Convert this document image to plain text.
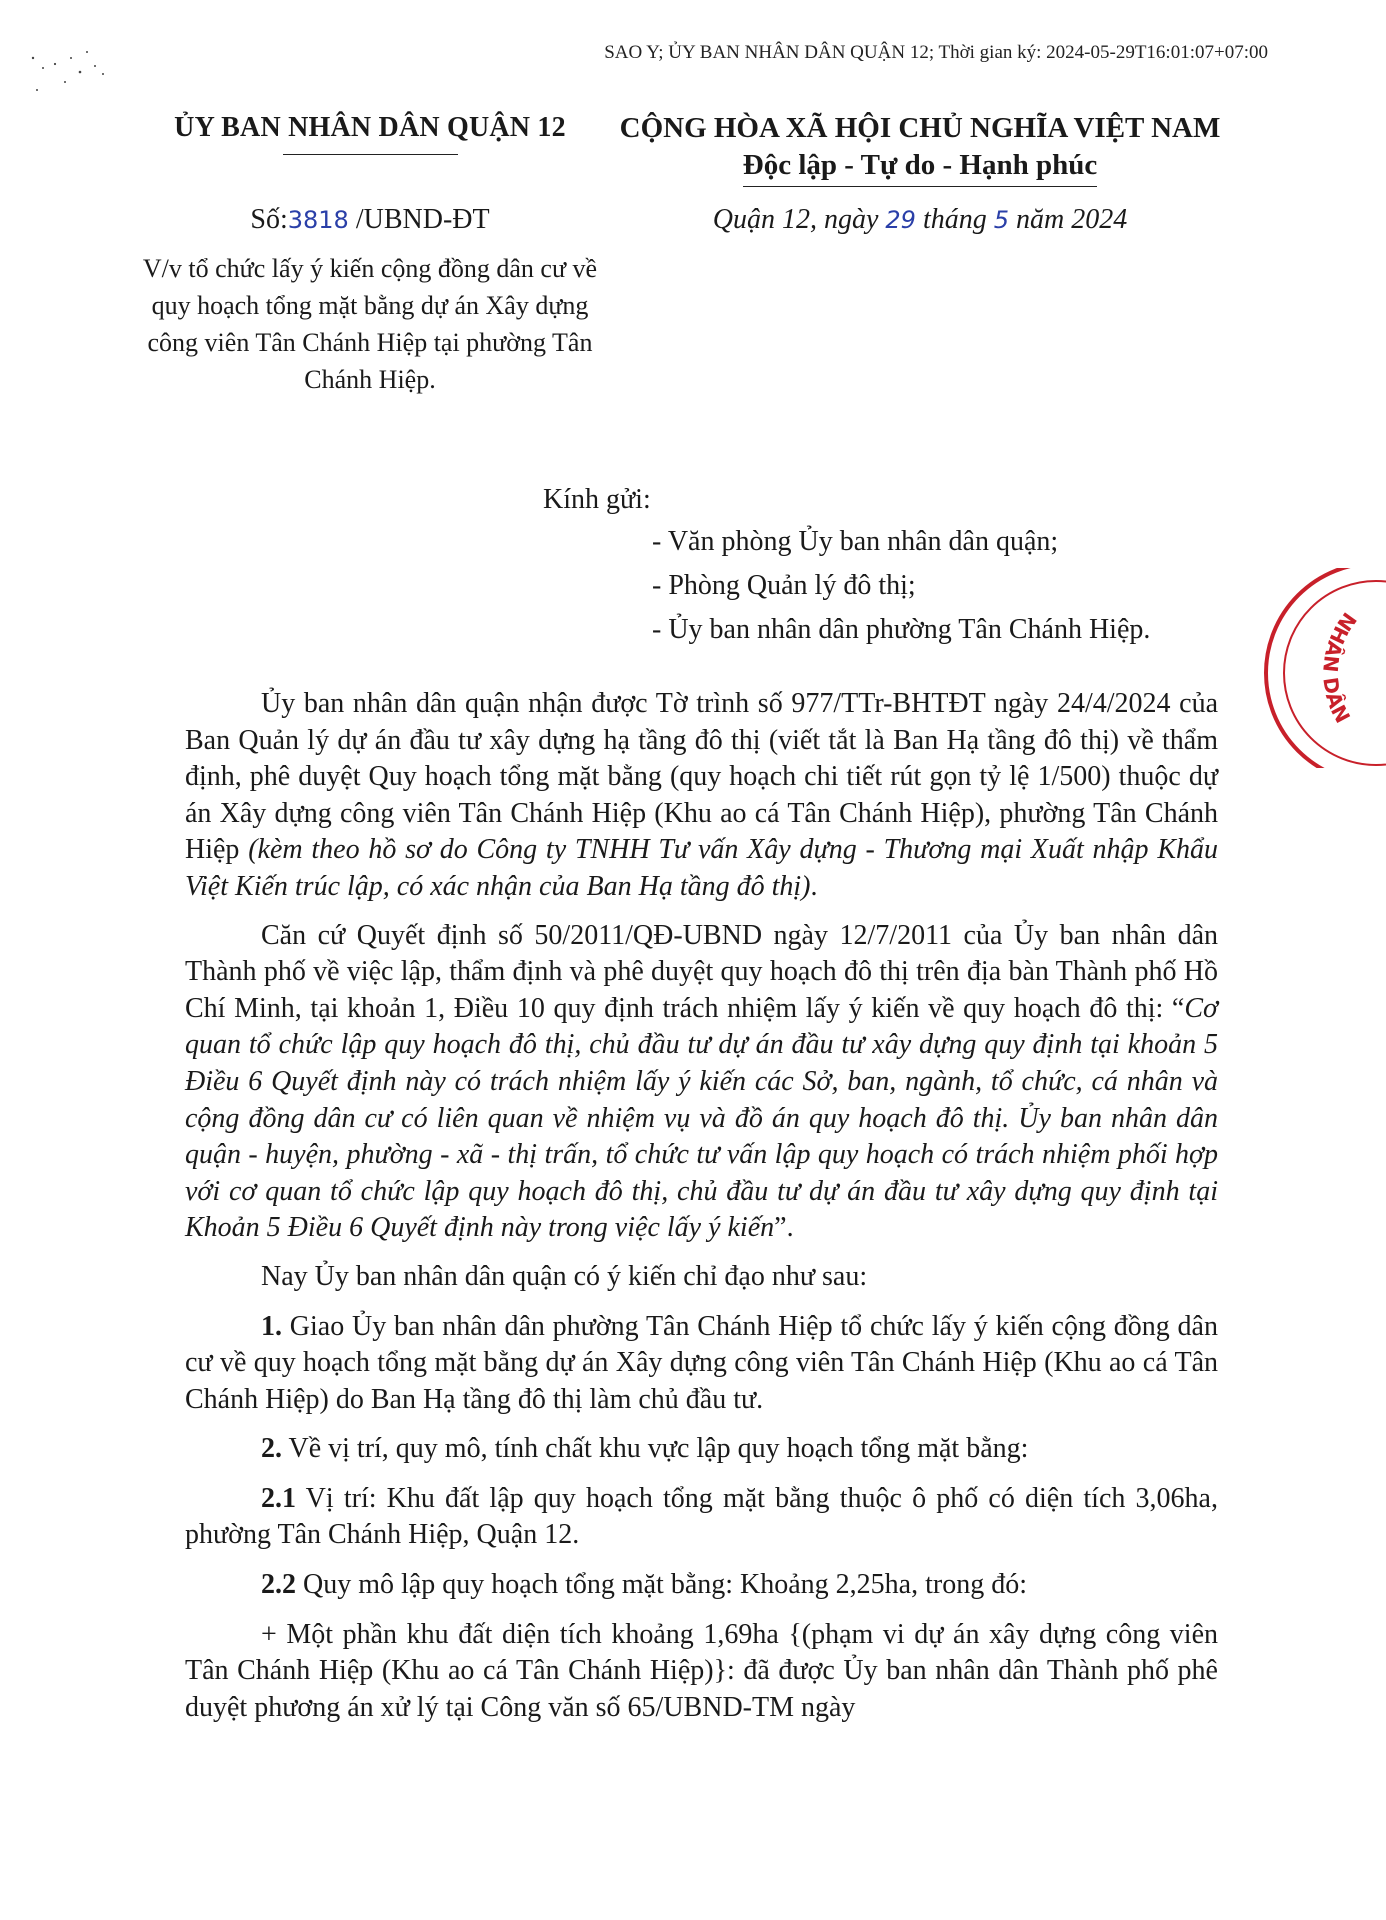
SAO Y; ỦY BAN NHÂN DÂN QUẬN 12; Thời gian ký: 2024-05-29T16:01:07+07:00
ỦY BAN NHÂN DÂN QUẬN 12	CỘNG HÒA XÃ HỘI CHỦ NGHĨA VIỆT NAM
Độc lập - Tự do - Hạnh phúc
Số:3818 /UBND-ĐT	Quận 12, ngày 29 tháng 5 năm 2024
V/v tổ chức lấy ý kiến cộng đồng dân cư về quy hoạch tổng mặt bằng dự án Xây dựng công viên Tân Chánh Hiệp tại phường Tân Chánh Hiệp.
Kính gửi:
- Văn phòng Ủy ban nhân dân quận;
- Phòng Quản lý đô thị;
- Ủy ban nhân dân phường Tân Chánh Hiệp.

Ủy ban nhân dân quận nhận được Tờ trình số 977/TTr-BHTĐT ngày 24/4/2024 của Ban Quản lý dự án đầu tư xây dựng hạ tầng đô thị (viết tắt là Ban Hạ tầng đô thị) về thẩm định, phê duyệt Quy hoạch tổng mặt bằng (quy hoạch chi tiết rút gọn tỷ lệ 1/500) thuộc dự án Xây dựng công viên Tân Chánh Hiệp (Khu ao cá Tân Chánh Hiệp), phường Tân Chánh Hiệp (kèm theo hồ sơ do Công ty TNHH Tư vấn Xây dựng - Thương mại Xuất nhập Khẩu Việt Kiến trúc lập, có xác nhận của Ban Hạ tầng đô thị).

Căn cứ Quyết định số 50/2011/QĐ-UBND ngày 12/7/2011 của Ủy ban nhân dân Thành phố về việc lập, thẩm định và phê duyệt quy hoạch đô thị trên địa bàn Thành phố Hồ Chí Minh, tại khoản 1, Điều 10 quy định trách nhiệm lấy ý kiến về quy hoạch đô thị: “Cơ quan tổ chức lập quy hoạch đô thị, chủ đầu tư dự án đầu tư xây dựng quy định tại khoản 5 Điều 6 Quyết định này có trách nhiệm lấy ý kiến các Sở, ban, ngành, tổ chức, cá nhân và cộng đồng dân cư có liên quan về nhiệm vụ và đồ án quy hoạch đô thị. Ủy ban nhân dân quận - huyện, phường - xã - thị trấn, tổ chức tư vấn lập quy hoạch có trách nhiệm phối hợp với cơ quan tổ chức lập quy hoạch đô thị, chủ đầu tư dự án đầu tư xây dựng quy định tại Khoản 5 Điều 6 Quyết định này trong việc lấy ý kiến”.

Nay Ủy ban nhân dân quận có ý kiến chỉ đạo như sau:

1. Giao Ủy ban nhân dân phường Tân Chánh Hiệp tổ chức lấy ý kiến cộng đồng dân cư về quy hoạch tổng mặt bằng dự án Xây dựng công viên Tân Chánh Hiệp (Khu ao cá Tân Chánh Hiệp) do Ban Hạ tầng đô thị làm chủ đầu tư.

2. Về vị trí, quy mô, tính chất khu vực lập quy hoạch tổng mặt bằng:

2.1 Vị trí: Khu đất lập quy hoạch tổng mặt bằng thuộc ô phố có diện tích 3,06ha, phường Tân Chánh Hiệp, Quận 12.

2.2 Quy mô lập quy hoạch tổng mặt bằng: Khoảng 2,25ha, trong đó:

+ Một phần khu đất diện tích khoảng 1,69ha {(phạm vi dự án xây dựng công viên Tân Chánh Hiệp (Khu ao cá Tân Chánh Hiệp)}: đã được Ủy ban nhân dân Thành phố phê duyệt phương án xử lý tại Công văn số 65/UBND-TM ngày

NHÂN DÂN
